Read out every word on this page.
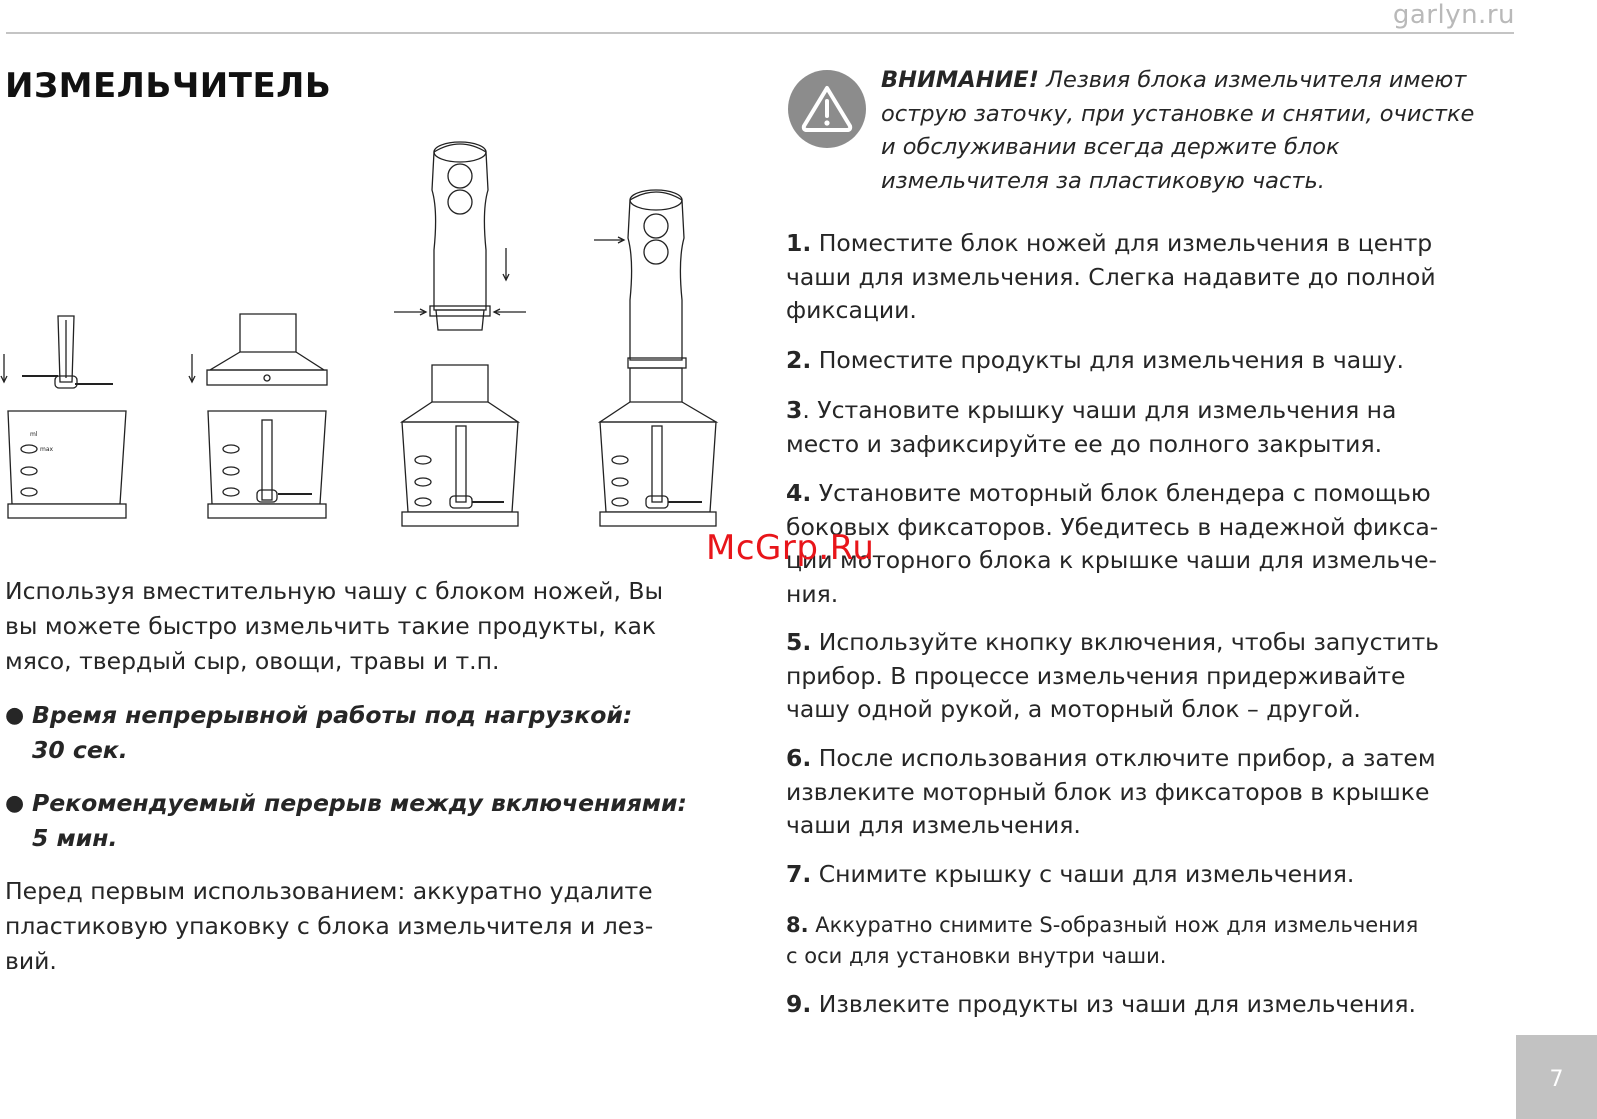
garlyn.ru
ИЗМЕЛЬЧИТЕЛЬ
ml
max
Используя вместительную чашу с блоком ножей, Вы
вы можете быстро измельчить такие продукты, как
мясо, твердый сыр, овощи, травы и т.п.
● Время непрерывной работы под нагрузкой:
30 сек.
● Рекомендуемый перерыв между включениями:
5 мин.
Перед первым использованием: аккуратно удалите
пластиковую упаковку с блока измельчителя и лез-
вий.
ВНИМАНИЕ! Лезвия блока измельчителя имеют
острую заточку, при установке и снятии, очистке
и обслуживании всегда держите блок
измельчителя за пластиковую часть.
1. Поместите блок ножей для измельчения в центр
чаши для измельчения. Слегка надавите до полной
фиксации.
2. Поместите продукты для измельчения в чашу.
3. Установите крышку чаши для измельчения на
место и зафиксируйте ее до полного закрытия.
4. Установите моторный блок блендера с помощью
боковых фиксаторов. Убедитесь в надежной фикса-
ции моторного блока к крышке чаши для измельче-
ния.
5. Используйте кнопку включения, чтобы запустить
прибор. В процессе измельчения придерживайте
чашу одной рукой, а моторный блок – другой.
6. После использования отключите прибор, а затем
извлеките моторный блок из фиксаторов в крышке
чаши для измельчения.
7. Снимите крышку с чаши для измельчения.
8. Аккуратно снимите S-образный нож для измельчения
с оси для установки внутри чаши.
9. Извлеките продукты из чаши для измельчения.
McGrp.Ru
7
